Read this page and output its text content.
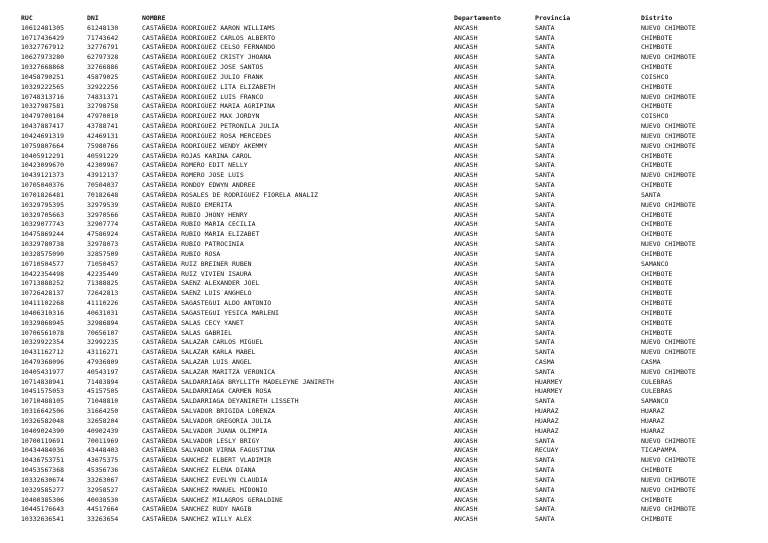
RUC	DNI	NOMBRE	Departamento	Provincia	Distrito
10612481305	61248130	CASTAÑEDA RODRIGUEZ AARON WILLIAMS	ANCASH	SANTA	NUEVO CHIMBOTE
10717436429	71743642	CASTAÑEDA RODRIGUEZ CARLOS ALBERTO	ANCASH	SANTA	CHIMBOTE
10327767912	32776791	CASTAÑEDA RODRIGUEZ CELSO FERNANDO	ANCASH	SANTA	CHIMBOTE
10627973280	62797328	CASTAÑEDA RODRIGUEZ CRISTY JHOANA	ANCASH	SANTA	NUEVO CHIMBOTE
10327668868	32766886	CASTAÑEDA RODRIGUEZ JOSE SANTOS	ANCASH	SANTA	CHIMBOTE
10458790251	45879025	CASTAÑEDA RODRIGUEZ JULIO FRANK	ANCASH	SANTA	COISHCO
10329222565	32922256	CASTAÑEDA RODRIGUEZ LITA ELIZABETH	ANCASH	SANTA	CHIMBOTE
10748313716	74831371	CASTAÑEDA RODRIGUEZ LUIS FRANCO	ANCASH	SANTA	NUEVO CHIMBOTE
10327987581	32798758	CASTAÑEDA RODRIGUEZ MARIA AGRIPINA	ANCASH	SANTA	CHIMBOTE
10479700104	47970010	CASTAÑEDA RODRIGUEZ MAX JORDYN	ANCASH	SANTA	COISHCO
10437887417	43788741	CASTAÑEDA RODRIGUEZ PETRONILA JULIA	ANCASH	SANTA	NUEVO CHIMBOTE
10424691319	42469131	CASTAÑEDA RODRIGUEZ ROSA MERCEDES	ANCASH	SANTA	NUEVO CHIMBOTE
10759807664	75980766	CASTAÑEDA RODRIGUEZ WENDY AKEMMY	ANCASH	SANTA	NUEVO CHIMBOTE
10405912291	40591229	CASTAÑEDA ROJAS KARINA CAROL	ANCASH	SANTA	CHIMBOTE
10423099670	42309967	CASTAÑEDA ROMERO EDIT NELLY	ANCASH	SANTA	CHIMBOTE
10439121373	43912137	CASTAÑEDA ROMERO JOSE LUIS	ANCASH	SANTA	NUEVO CHIMBOTE
10705040376	70504037	CASTAÑEDA RONDOY EDWYN ANDREE	ANCASH	SANTA	CHIMBOTE
10701826481	70182648	CASTAÑEDA ROSALES DE RODRIGUEZ FIORELA ANALIZ	ANCASH	SANTA	SANTA
10329795395	32979539	CASTAÑEDA RUBIO EMERITA	ANCASH	SANTA	NUEVO CHIMBOTE
10329705663	32970566	CASTAÑEDA RUBIO JHONY HENRY	ANCASH	SANTA	CHIMBOTE
10329077743	32907774	CASTAÑEDA RUBIO MARIA CECILIA	ANCASH	SANTA	CHIMBOTE
10475869244	47586924	CASTAÑEDA RUBIO MARIA ELIZABET	ANCASH	SANTA	CHIMBOTE
10329780738	32978073	CASTAÑEDA RUBIO PATROCINIA	ANCASH	SANTA	NUEVO CHIMBOTE
10328575090	32857509	CASTAÑEDA RUBIO ROSA	ANCASH	SANTA	CHIMBOTE
10710504577	71050457	CASTAÑEDA RUIZ BREINER RUBEN	ANCASH	SANTA	SAMANCO
10422354498	42235449	CASTAÑEDA RUIZ VIVIEN ISAURA	ANCASH	SANTA	CHIMBOTE
10713888252	71388825	CASTAÑEDA SAENZ ALEXANDER JOEL	ANCASH	SANTA	CHIMBOTE
10726428137	72642813	CASTAÑEDA SAENZ LUIS ANGHELO	ANCASH	SANTA	CHIMBOTE
10411102268	41110226	CASTAÑEDA SAGASTEGUI ALDO ANTONIO	ANCASH	SANTA	CHIMBOTE
10406310316	40631031	CASTAÑEDA SAGASTEGUI YESICA MARLENI	ANCASH	SANTA	CHIMBOTE
10329868945	32986894	CASTAÑEDA SALAS CECY YANET	ANCASH	SANTA	CHIMBOTE
10706561078	70656107	CASTAÑEDA SALAS GABRIEL	ANCASH	SANTA	CHIMBOTE
10329922354	32992235	CASTAÑEDA SALAZAR CARLOS MIGUEL	ANCASH	SANTA	NUEVO CHIMBOTE
10431162712	43116271	CASTAÑEDA SALAZAR KARLA MABEL	ANCASH	SANTA	NUEVO CHIMBOTE
10479368096	47936809	CASTAÑEDA SALAZAR LUIS ANGEL	ANCASH	CASMA	CASMA
10405431977	40543197	CASTAÑEDA SALAZAR MARITZA VERONICA	ANCASH	SANTA	NUEVO CHIMBOTE
10714838941	71483894	CASTAÑEDA SALDARRIAGA BRYLLITH MADELEYNE JANIRETH	ANCASH	HUARMEY	CULEBRAS
10451575053	45157505	CASTAÑEDA SALDARRIAGA CARMEN ROSA	ANCASH	HUARMEY	CULEBRAS
10710488105	71048810	CASTAÑEDA SALDARRIAGA DEYANIRETH LISSETH	ANCASH	SANTA	SAMANCO
10316642506	31664250	CASTAÑEDA SALVADOR BRIGIDA LORENZA	ANCASH	HUARAZ	HUARAZ
10326582048	32658204	CASTAÑEDA SALVADOR GREGORIA JULIA	ANCASH	HUARAZ	HUARAZ
10409024390	40902439	CASTAÑEDA SALVADOR JUANA OLIMPIA	ANCASH	HUARAZ	HUARAZ
10700119691	70011969	CASTAÑEDA SALVADOR LESLY BRIGY	ANCASH	SANTA	NUEVO CHIMBOTE
10434484036	43448403	CASTAÑEDA SALVADOR VIRNA FAGUSTINA	ANCASH	RECUAY	TICAPAMPA
10436753751	43675375	CASTAÑEDA SANCHEZ ELBERT VLADIMIR	ANCASH	SANTA	NUEVO CHIMBOTE
10453567368	45356736	CASTAÑEDA SANCHEZ ELENA DIANA	ANCASH	SANTA	CHIMBOTE
10332630674	33263067	CASTAÑEDA SANCHEZ EVELYN CLAUDIA	ANCASH	SANTA	NUEVO CHIMBOTE
10329585277	32958527	CASTAÑEDA SANCHEZ MANUEL MIDONIO	ANCASH	SANTA	NUEVO CHIMBOTE
10400385306	40038530	CASTAÑEDA SANCHEZ MILAGROS GERALDINE	ANCASH	SANTA	CHIMBOTE
10445176643	44517664	CASTAÑEDA SANCHEZ RUDY NAGIB	ANCASH	SANTA	NUEVO CHIMBOTE
10332636541	33263654	CASTAÑEDA SANCHEZ WILLY ALEX	ANCASH	SANTA	CHIMBOTE
